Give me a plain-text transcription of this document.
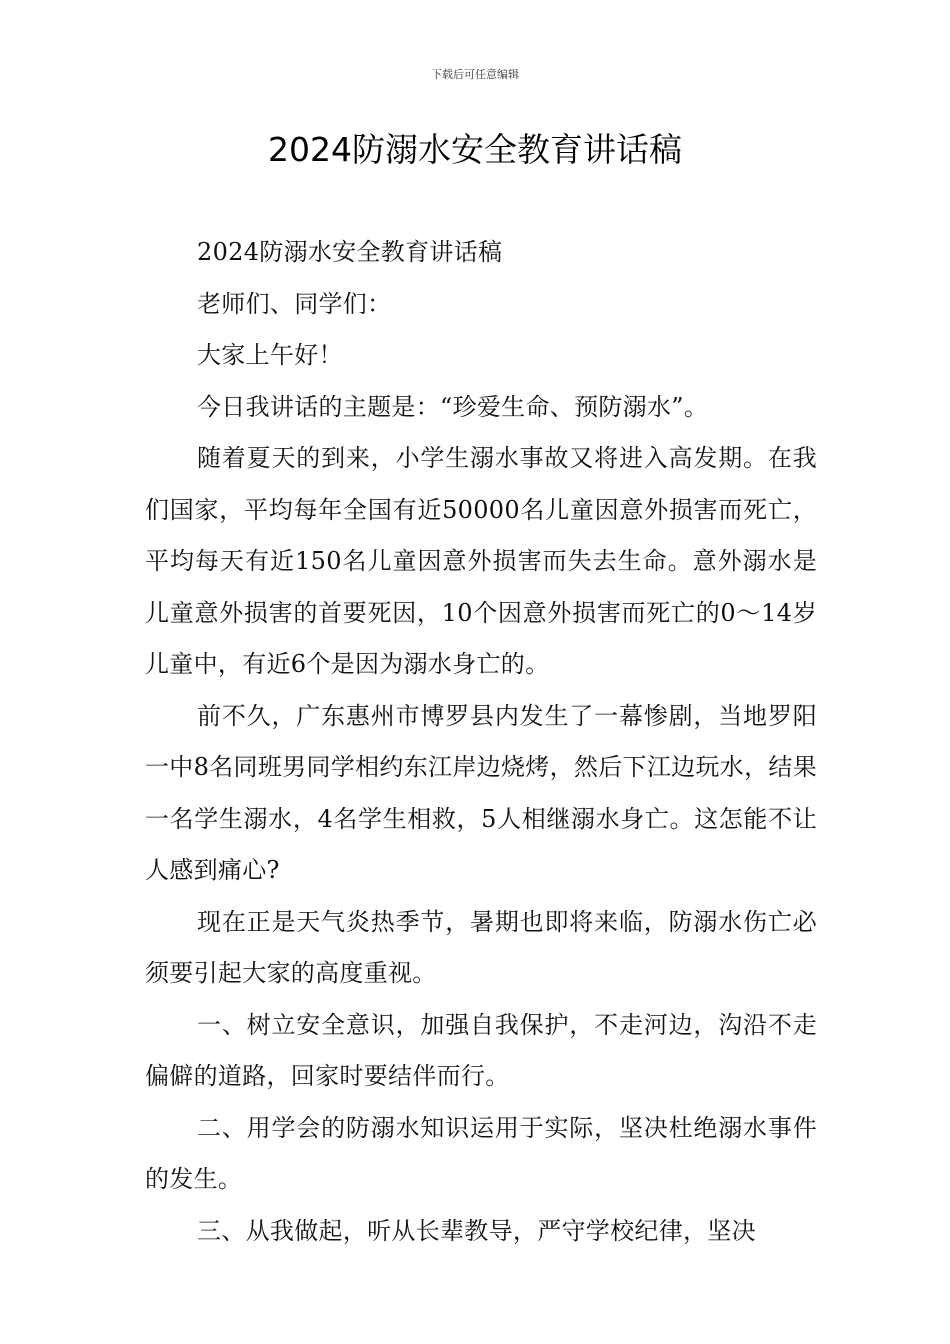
下载后可任意编辑
2024防溺水安全教育讲话稿

2024防溺水安全教育讲话稿

老师们、同学们：

大家上午好！

今日我讲话的主题是：“珍爱生命、预防溺水”。

随着夏天的到来，小学生溺水事故又将进入高发期。在我们国家，平均每年全国有近50000名儿童因意外损害而死亡，平均每天有近150名儿童因意外损害而失去生命。意外溺水是儿童意外损害的首要死因，10个因意外损害而死亡的0～14岁儿童中，有近6个是因为溺水身亡的。

前不久，广东惠州市博罗县内发生了一幕惨剧，当地罗阳一中8名同班男同学相约东江岸边烧烤，然后下江边玩水，结果一名学生溺水，4名学生相救，5人相继溺水身亡。这怎能不让人感到痛心?

现在正是天气炎热季节，暑期也即将来临，防溺水伤亡必须要引起大家的高度重视。

一、树立安全意识，加强自我保护，不走河边，沟沿不走偏僻的道路，回家时要结伴而行。

二、用学会的防溺水知识运用于实际，坚决杜绝溺水事件的发生。

三、从我做起，听从长辈教导，严守学校纪律，坚决
